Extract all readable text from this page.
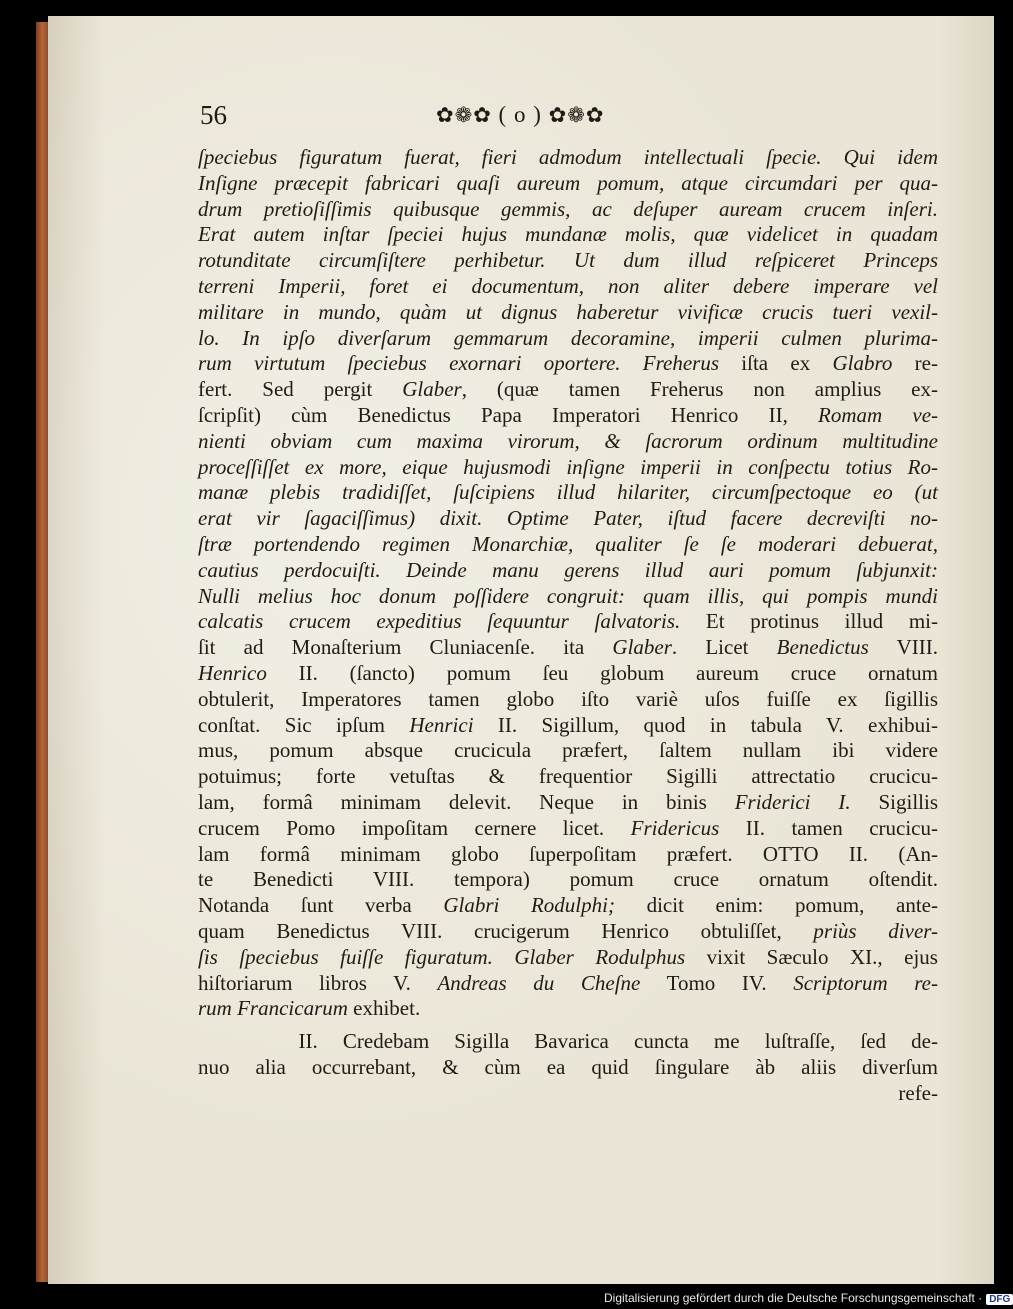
56	✿❁✿ ( o ) ✿❁✿
ſpeciebus figuratum fuerat, fieri admodum intellectuali ſpecie. Qui idem
Inſigne præcepit fabricari quaſi aureum pomum, atque circumdari per qua-
drum pretioſiſſimis quibusque gemmis, ac deſuper auream crucem inſeri.
Erat autem inſtar ſpeciei hujus mundanæ molis, quæ videlicet in quadam
rotunditate circumſiſtere perhibetur. Ut dum illud reſpiceret Princeps
terreni Imperii, foret ei documentum, non aliter debere imperare vel
militare in mundo, quàm ut dignus haberetur vivificæ crucis tueri vexil-
lo. In ipſo diverſarum gemmarum decoramine, imperii culmen plurima-
rum virtutum ſpeciebus exornari oportere. Freherus iſta ex Glabro re-
fert. Sed pergit Glaber, (quæ tamen Freherus non amplius ex-
ſcripſit) cùm Benedictus Papa Imperatori Henrico II, Romam ve-
nienti obviam cum maxima virorum, & ſacrorum ordinum multitudine
proceſſiſſet ex more, eique hujusmodi inſigne imperii in conſpectu totius Ro-
manæ plebis tradidiſſet, ſuſcipiens illud hilariter, circumſpectoque eo (ut
erat vir ſagaciſſimus) dixit. Optime Pater, iſtud facere decreviſti no-
ſtræ portendendo regimen Monarchiæ, qualiter ſe ſe moderari debuerat,
cautius perdocuiſti. Deinde manu gerens illud auri pomum ſubjunxit:
Nulli melius hoc donum poſſidere congruit: quam illis, qui pompis mundi
calcatis crucem expeditius ſequuntur ſalvatoris. Et protinus illud mi-
ſit ad Monaſterium Cluniacenſe. ita Glaber. Licet Benedictus VIII.
Henrico II. (ſancto) pomum ſeu globum aureum cruce ornatum
obtulerit, Imperatores tamen globo iſto variè uſos fuiſſe ex ſigillis
conſtat. Sic ipſum Henrici II. Sigillum, quod in tabula V. exhibui-
mus, pomum absque crucicula præfert, ſaltem nullam ibi videre
potuimus; forte vetuſtas & frequentior Sigilli attrectatio crucicu-
lam, formâ minimam delevit. Neque in binis Friderici I. Sigillis
crucem Pomo impoſitam cernere licet. Fridericus II. tamen crucicu-
lam formâ minimam globo ſuperpoſitam præfert. OTTO II. (An-
te Benedicti VIII. tempora) pomum cruce ornatum oſtendit.
Notanda ſunt verba Glabri Rodulphi; dicit enim: pomum, ante-
quam Benedictus VIII. crucigerum Henrico obtuliſſet, priùs diver-
ſis ſpeciebus fuiſſe figuratum. Glaber Rodulphus vixit Sæculo XI., ejus
hiſtoriarum libros V. Andreas du Cheſne Tomo IV. Scriptorum re-
rum Francicarum exhibet.
II. Credebam Sigilla Bavarica cuncta me luſtraſſe, ſed de-
nuo alia occurrebant, & cùm ea quid ſingulare àb aliis diverſum
refe-
Digitalisierung gefördert durch die Deutsche Forschungsgemeinschaft · DFG
